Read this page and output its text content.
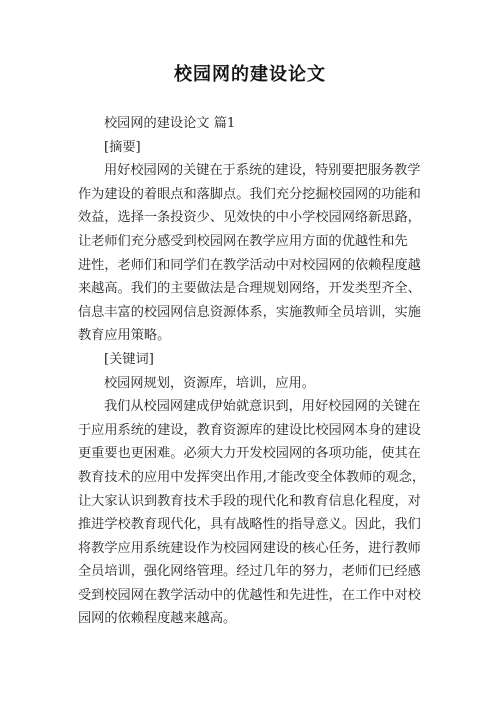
校园网的建设论文
校园网的建设论文 篇1
[摘要]
用好校园网的关键在于系统的建设，特别要把服务教学
作为建设的着眼点和落脚点。我们充分挖掘校园网的功能和
效益，选择一条投资少、见效快的中小学校园网络新思路，
让老师们充分感受到校园网在教学应用方面的优越性和先
进性，老师们和同学们在教学活动中对校园网的依赖程度越
来越高。我们的主要做法是合理规划网络，开发类型齐全、
信息丰富的校园网信息资源体系，实施教师全员培训，实施
教育应用策略。
[关键词]
校园网规划，资源库，培训，应用。
我们从校园网建成伊始就意识到，用好校园网的关键在
于应用系统的建设，教育资源库的建设比校园网本身的建设
更重要也更困难。必须大力开发校园网的各项功能，使其在
教育技术的应用中发挥突出作用,才能改变全体教师的观念，
让大家认识到教育技术手段的现代化和教育信息化程度，对
推进学校教育现代化，具有战略性的指导意义。因此，我们
将教学应用系统建设作为校园网建设的核心任务，进行教师
全员培训，强化网络管理。经过几年的努力，老师们已经感
受到校园网在教学活动中的优越性和先进性，在工作中对校
园网的依赖程度越来越高。
